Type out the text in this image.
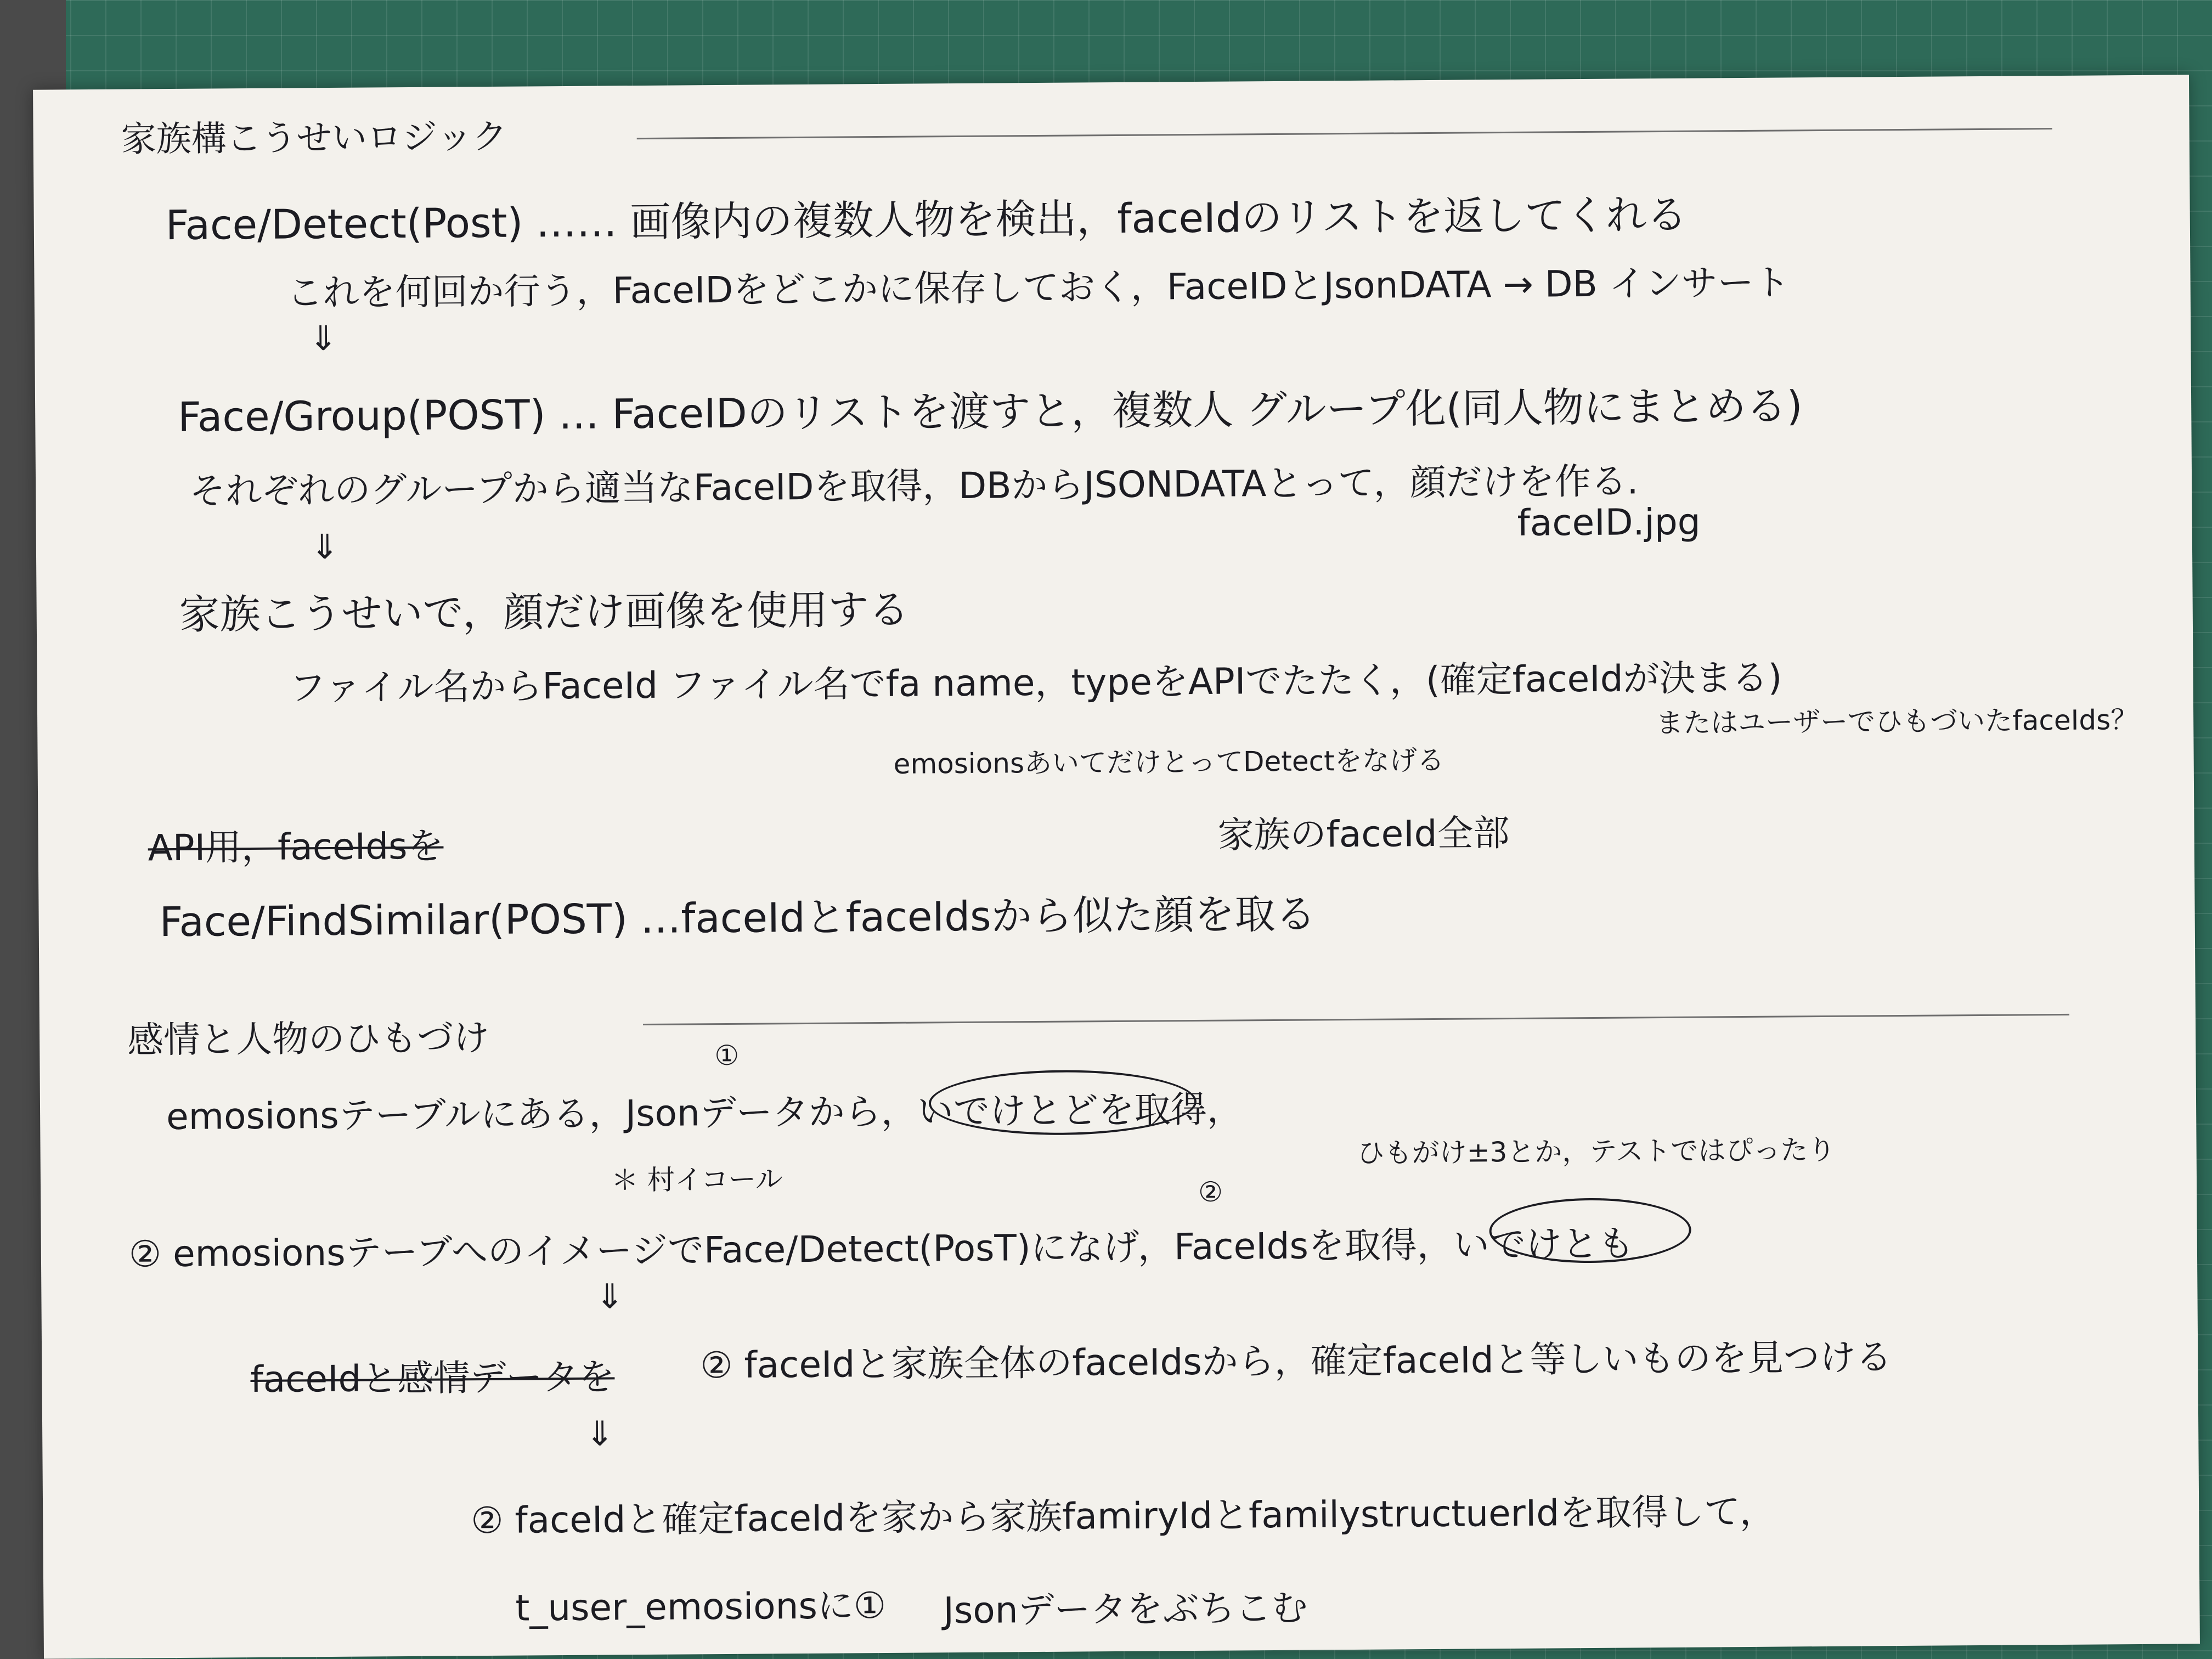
家族構こうせいロジック
Face/Detect(Post) …… 画像内の複数人物を検出，faceIdのリストを返してくれる
これを何回か行う，FaceIDをどこかに保存しておく，FaceIDとJsonDATA → DB インサート
⇓
Face/Group(POST) … FaceIDのリストを渡すと，複数人 グループ化(同人物にまとめる)
それぞれのグループから適当なFaceIDを取得，DBからJSONDATAとって，顔だけを作る.
faceID.jpg
⇓
家族こうせいで，顔だけ画像を使用する
ファイル名からFaceId ファイル名でfa name，typeをAPIでたたく，(確定faceIdが決まる)
またはユーザーでひもづいたfaceIds？
emosionsあいてだけとってDetectをなげる
API用，faceIdsを	家族のfaceId全部
Face/FindSimilar(POST) …faceIdとfaceIdsから似た顔を取る
感情と人物のひもづけ	①
emosionsテーブルにある，Jsonデータから，いでけとどを取得，
ひもがけ±3とか，テストではぴったり
＊ 村イコール	②
② emosionsテーブへのイメージでFace/Detect(PosT)になげ，FaceIdsを取得，いでけとも
⇓
faceIdと感情データを ② faceIdと家族全体のfaceIdsから，確定faceIdと等しいものを見つける
⇓
② faceIdと確定faceIdを家から家族famiryIdとfamilystructuerIdを取得して，
t_user_emosionsに① Jsonデータをぶちこむ
